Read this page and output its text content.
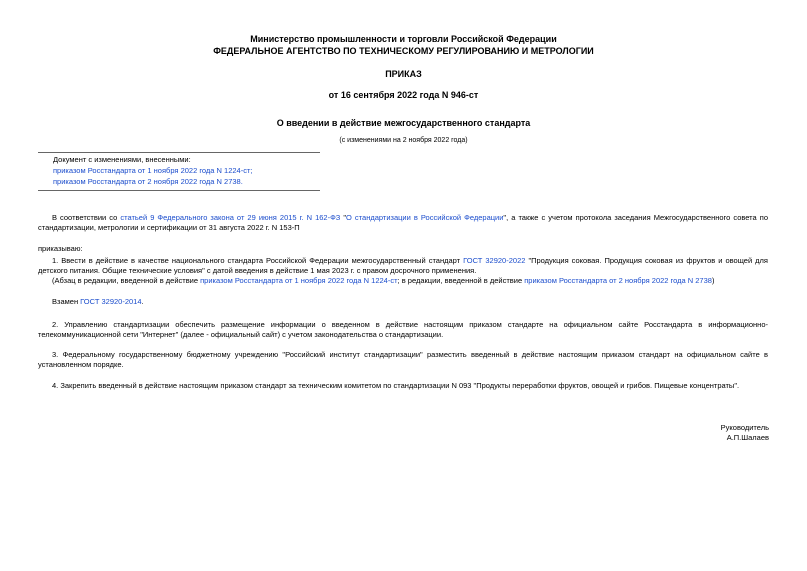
Министерство промышленности и торговли Российской Федерации
ФЕДЕРАЛЬНОЕ АГЕНТСТВО ПО ТЕХНИЧЕСКОМУ РЕГУЛИРОВАНИЮ И МЕТРОЛОГИИ
ПРИКАЗ
от 16 сентября 2022 года N 946-ст
О введении в действие межгосударственного стандарта
(с изменениями на 2 ноября 2022 года)
Документ с изменениями, внесенными:
приказом Росстандарта от 1 ноября 2022 года N 1224-ст;
приказом Росстандарта от 2 ноября 2022 года N 2738.

В соответствии со статьей 9 Федерального закона от 29 июня 2015 г. N 162-ФЗ "О стандартизации в Российской Федерации", а также с учетом протокола заседания Межгосударственного совета по стандартизации, метрологии и сертификации от 31 августа 2022 г. N 153-П

приказываю:

1. Ввести в действие в качестве национального стандарта Российской Федерации межгосударственный стандарт ГОСТ 32920-2022 "Продукция соковая. Продукция соковая из фруктов и овощей для детского питания. Общие технические условия" с датой введения в действие 1 мая 2023 г. с правом досрочного применения.

(Абзац в редакции, введенной в действие приказом Росстандарта от 1 ноября 2022 года N 1224-ст; в редакции, введенной в действие приказом Росстандарта от 2 ноября 2022 года N 2738)

Взамен ГОСТ 32920-2014.

2. Управлению стандартизации обеспечить размещение информации о введенном в действие настоящим приказом стандарте на официальном сайте Росстандарта в информационно-телекоммуникационной сети "Интернет" (далее - официальный сайт) с учетом законодательства о стандартизации.

3. Федеральному государственному бюджетному учреждению "Российский институт стандартизации" разместить введенный в действие настоящим приказом стандарт на официальном сайте в установленном порядке.

4. Закрепить введенный в действие настоящим приказом стандарт за техническим комитетом по стандартизации N 093 "Продукты переработки фруктов, овощей и грибов. Пищевые концентраты".

Руководитель
А.П.Шалаев
